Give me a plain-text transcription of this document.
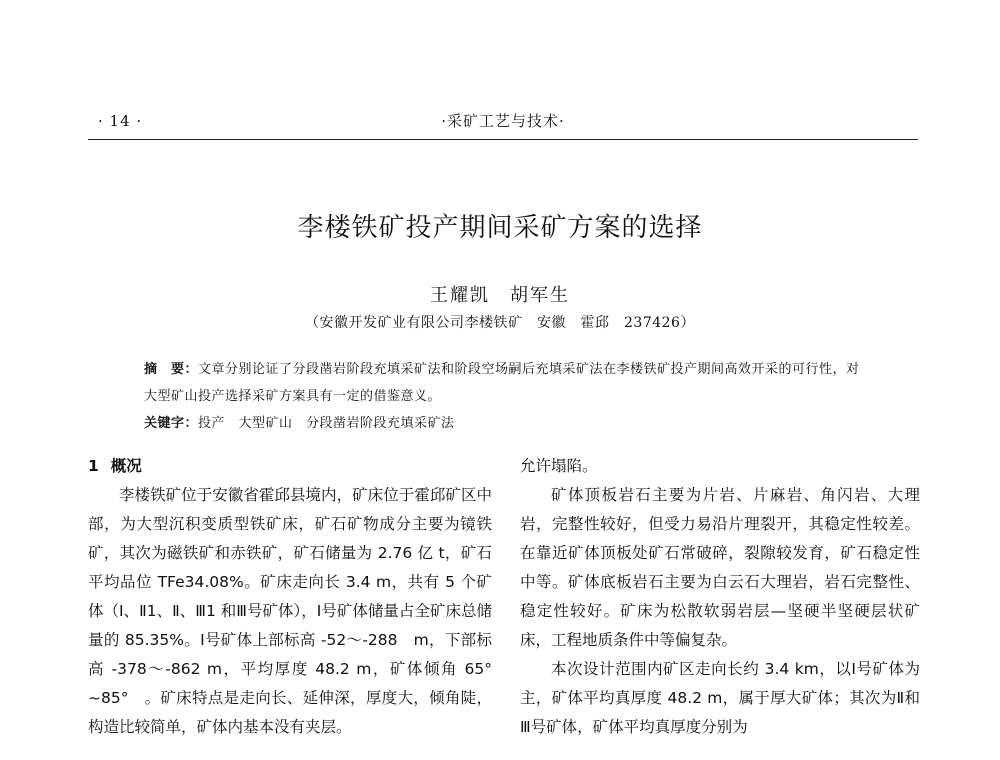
· 14 ·	·采矿工艺与技术·
李楼铁矿投产期间采矿方案的选择
王耀凯　胡军生
（安徽开发矿业有限公司李楼铁矿　安徽　霍邱　237426）
摘　要：文章分别论证了分段凿岩阶段充填采矿法和阶段空场嗣后充填采矿法在李楼铁矿投产期间高效开采的可行性，对大型矿山投产选择采矿方案具有一定的借鉴意义。
关键字：投产　大型矿山　分段凿岩阶段充填采矿法
1 概况

李楼铁矿位于安徽省霍邱县境内，矿床位于霍邱矿区中部，为大型沉积变质型铁矿床，矿石矿物成分主要为镜铁矿，其次为磁铁矿和赤铁矿，矿石储量为 2.76 亿 t，矿石平均品位 TFe34.08%。矿床走向长 3.4 m，共有 5 个矿体（Ⅰ、Ⅱ1、Ⅱ、Ⅲ1 和Ⅲ号矿体），Ⅰ号矿体储量占全矿床总储量的 85.35%。Ⅰ号矿体上部标高 -52～-288　m，下部标高 -378～-862 m，平均厚度 48.2 m，矿体倾角 65°　~85°　。矿床特点是走向长、延伸深，厚度大，倾角陡，构造比较简单，矿体内基本没有夹层。

允许塌陷。

矿体顶板岩石主要为片岩、片麻岩、角闪岩、大理岩，完整性较好，但受力易沿片理裂开，其稳定性较差。在靠近矿体顶板处矿石常破碎，裂隙较发育，矿石稳定性中等。矿体底板岩石主要为白云石大理岩，岩石完整性、稳定性较好。矿床为松散软弱岩层—坚硬半坚硬层状矿床，工程地质条件中等偏复杂。

本次设计范围内矿区走向长约 3.4 km，以Ⅰ号矿体为主，矿体平均真厚度 48.2 m，属于厚大矿体；其次为Ⅱ和Ⅲ号矿体，矿体平均真厚度分别为
